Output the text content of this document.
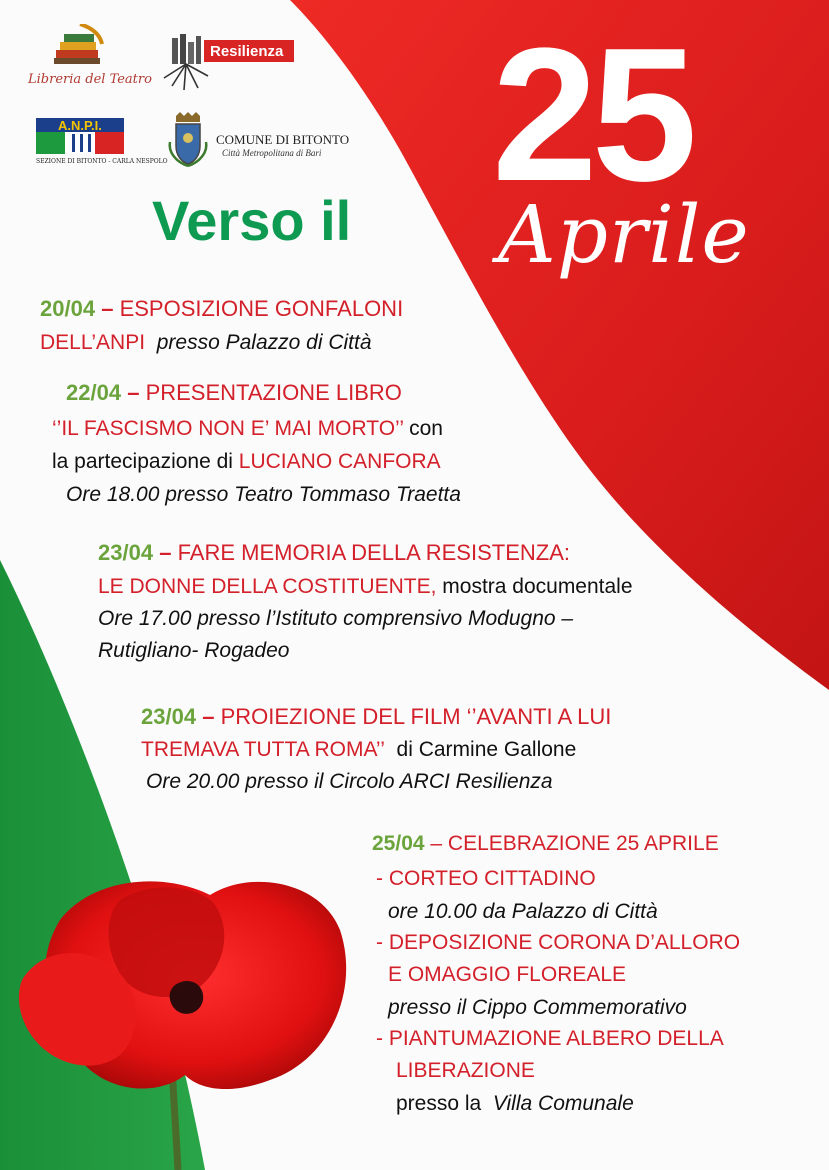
Libreria del Teatro
Resilienza
A.N.P.I.
SEZIONE DI BITONTO - CARLA NESPOLO
COMUNE DI BITONTO
Città Metropolitana di Bari 25
Aprile
Verso il
20/04 – ESPOSIZIONE GONFALONI
DELL’ANPI presso Palazzo di Città
22/04 – PRESENTAZIONE LIBRO
‘’IL FASCISMO NON E’ MAI MORTO’’ con
la partecipazione di LUCIANO CANFORA
Ore 18.00 presso Teatro Tommaso Traetta
23/04 – FARE MEMORIA DELLA RESISTENZA:
LE DONNE DELLA COSTITUENTE, mostra documentale
Ore 17.00 presso l’Istituto comprensivo Modugno –
Rutigliano- Rogadeo
23/04 – PROIEZIONE DEL FILM ‘’AVANTI A LUI
TREMAVA TUTTA ROMA’’ di Carmine Gallone
Ore 20.00 presso il Circolo ARCI Resilienza
25/04 – CELEBRAZIONE 25 APRILE
- CORTEO CITTADINO
ore 10.00 da Palazzo di Città
- DEPOSIZIONE CORONA D’ALLORO
E OMAGGIO FLOREALE
presso il Cippo Commemorativo
- PIANTUMAZIONE ALBERO DELLA
LIBERAZIONE
presso la Villa Comunale
